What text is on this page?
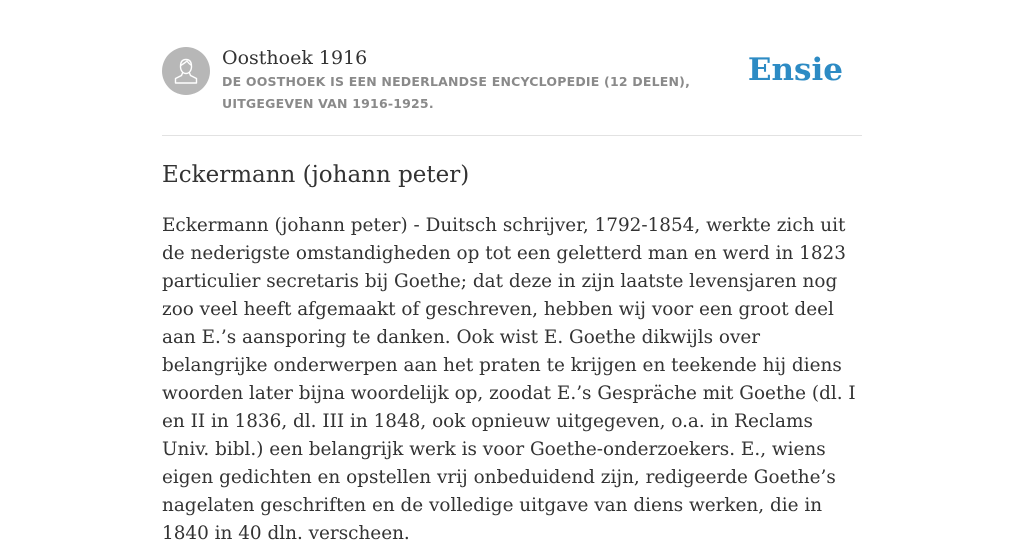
Oosthoek 1916
DE OOSTHOEK IS EEN NEDERLANDSE ENCYCLOPEDIE (12 DELEN), UITGEGEVEN VAN 1916-1925.
Ensie
Eckermann (johann peter)

Eckermann (johann peter) - Duitsch schrijver, 1792-1854, werkte zich uit de nederigste omstandigheden op tot een geletterd man en werd in 1823 particulier secretaris bij Goethe; dat deze in zijn laatste levensjaren nog zoo veel heeft afgemaakt of geschreven, hebben wij voor een groot deel aan E.’s aansporing te danken. Ook wist E. Goethe dikwijls over belangrijke onderwerpen aan het praten te krijgen en teekende hij diens woorden later bijna woordelijk op, zoodat E.’s Gespräche mit Goethe (dl. I en II in 1836, dl. III in 1848, ook opnieuw uitgegeven, o.a. in Reclams Univ. bibl.) een belangrijk werk is voor Goethe-onderzoekers. E., wiens eigen gedichten en opstellen vrij onbeduidend zijn, redigeerde Goethe’s nagelaten geschriften en de volledige uitgave van diens werken, die in 1840 in 40 dln. verscheen.
